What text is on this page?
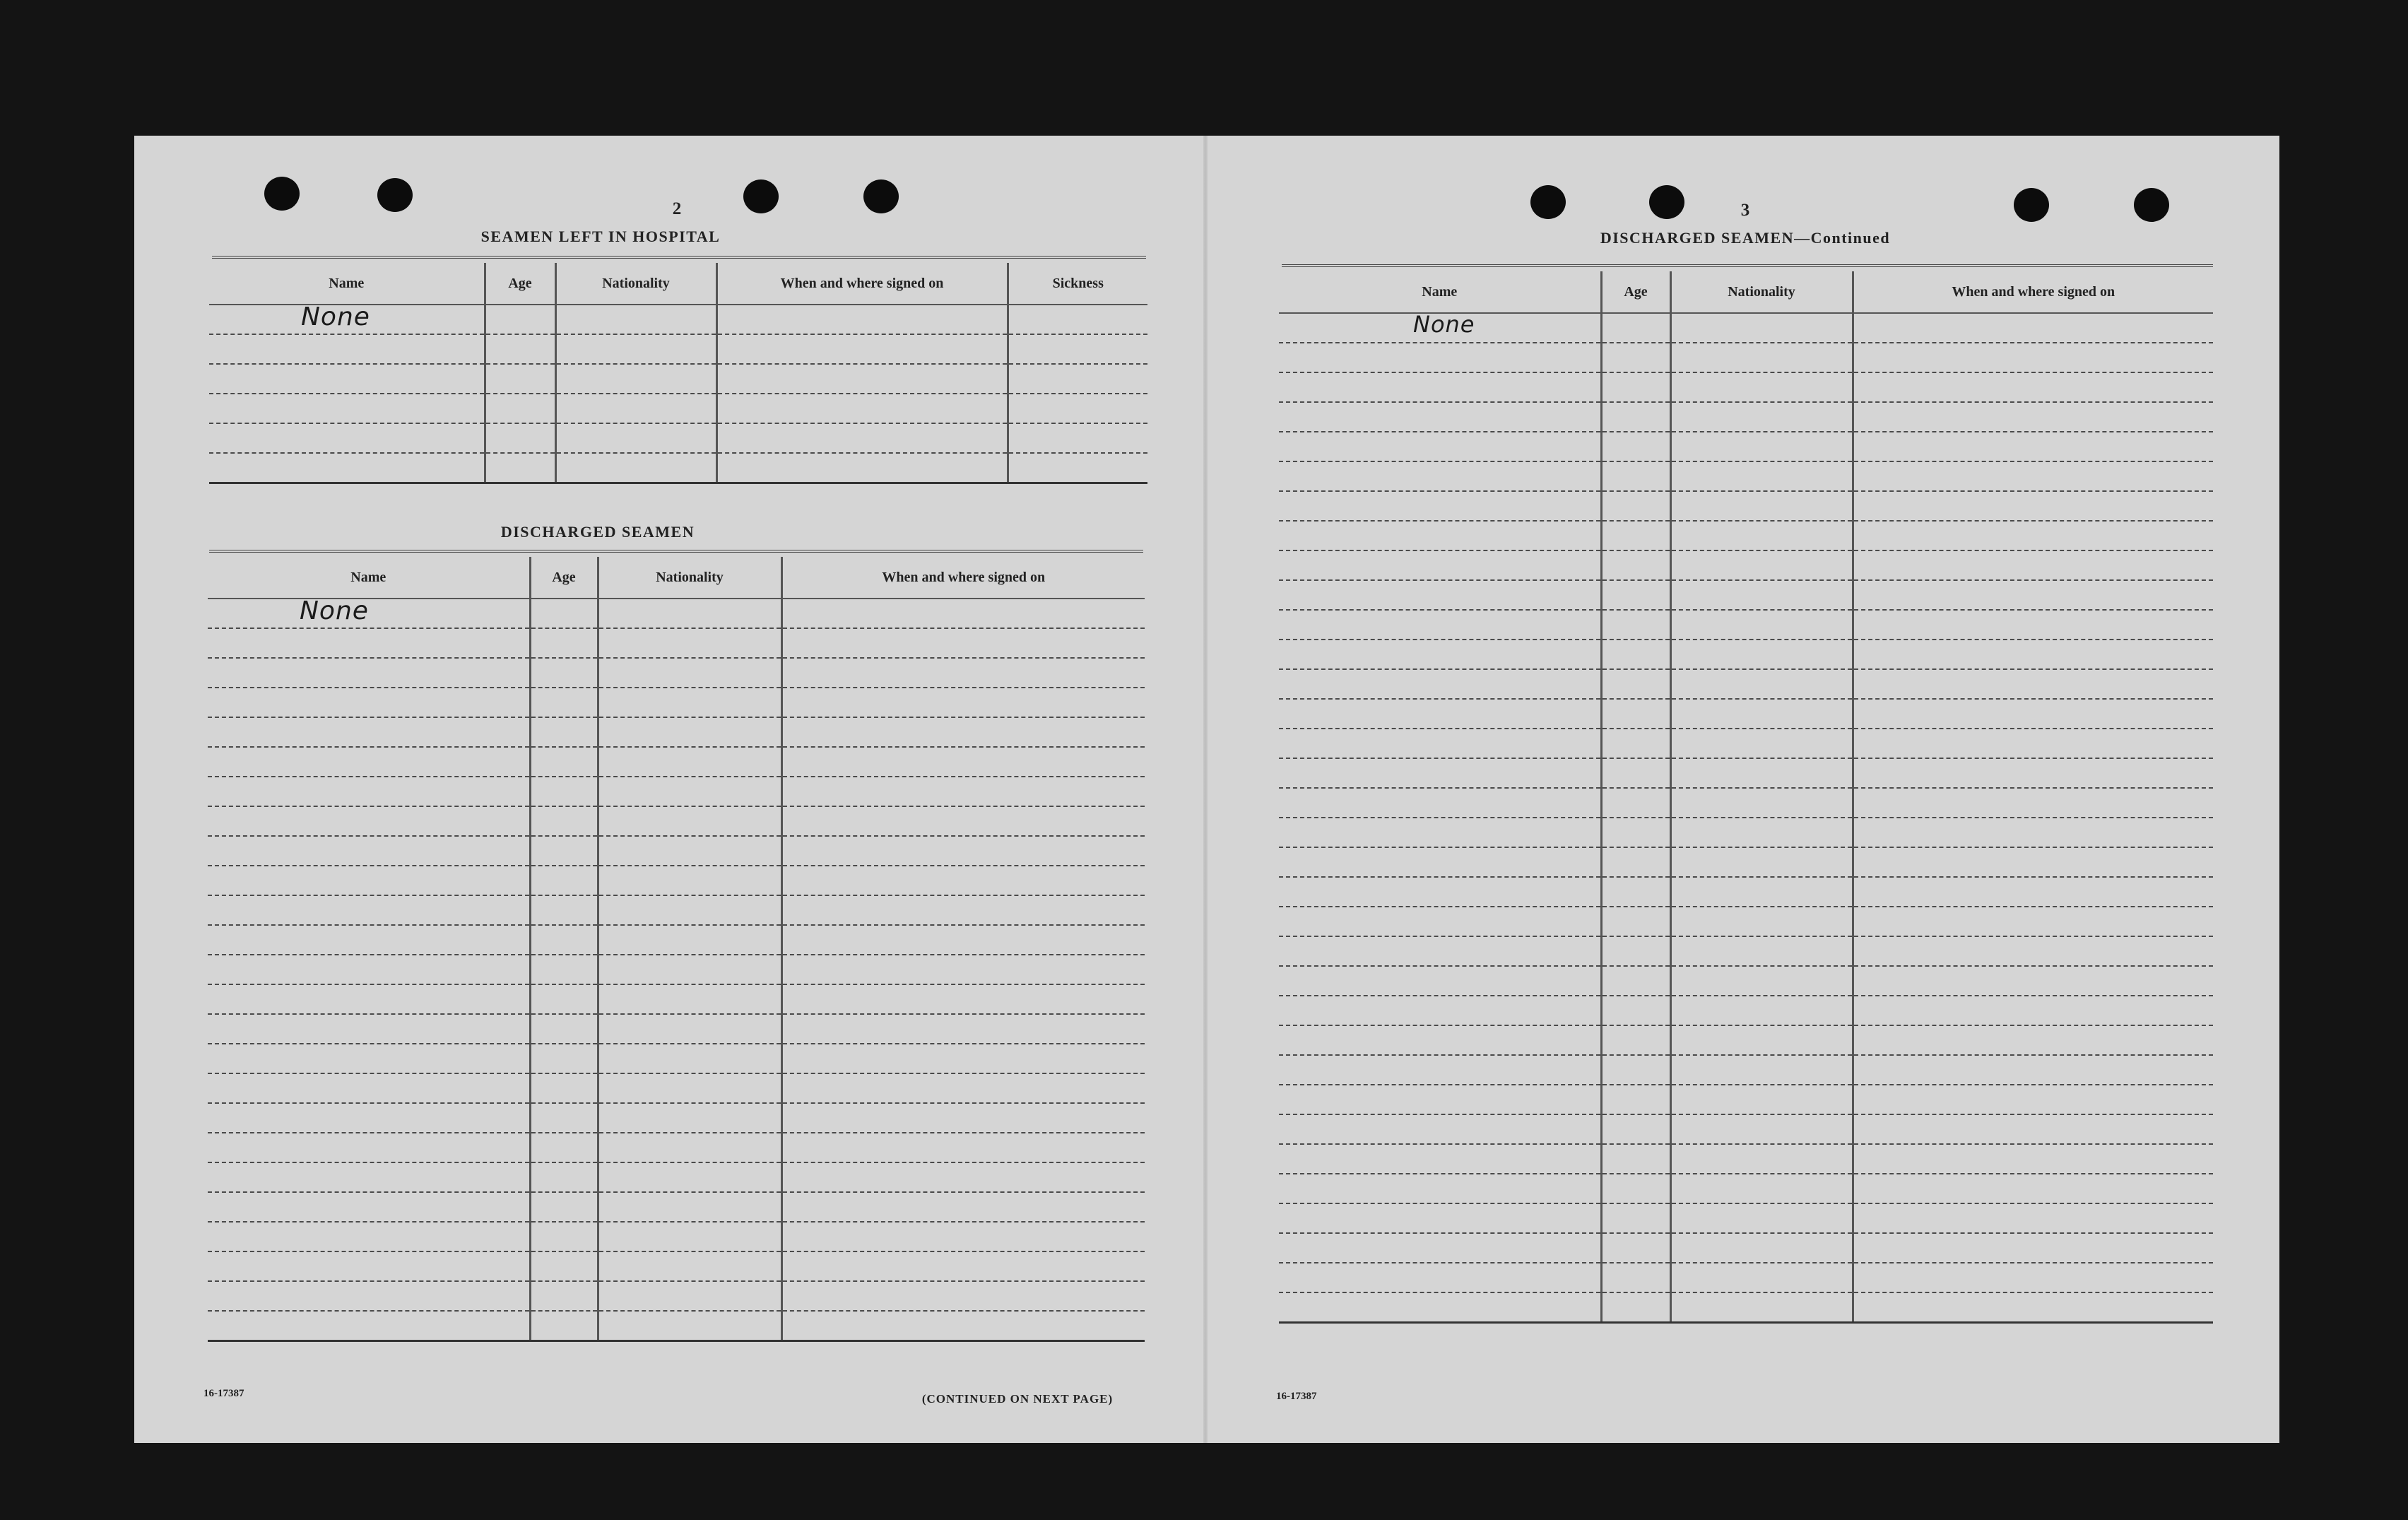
2
SEAMEN LEFT IN HOSPITAL
Name	Age	Nationality	When and where signed on	Sickness

None				

DISCHARGED SEAMEN
Name	Age	Nationality	When and where signed on

None			

16-17387	(CONTINUED ON NEXT PAGE)
3
DISCHARGED SEAMEN—Continued
Name	Age	Nationality	When and where signed on

None			

16-17387
